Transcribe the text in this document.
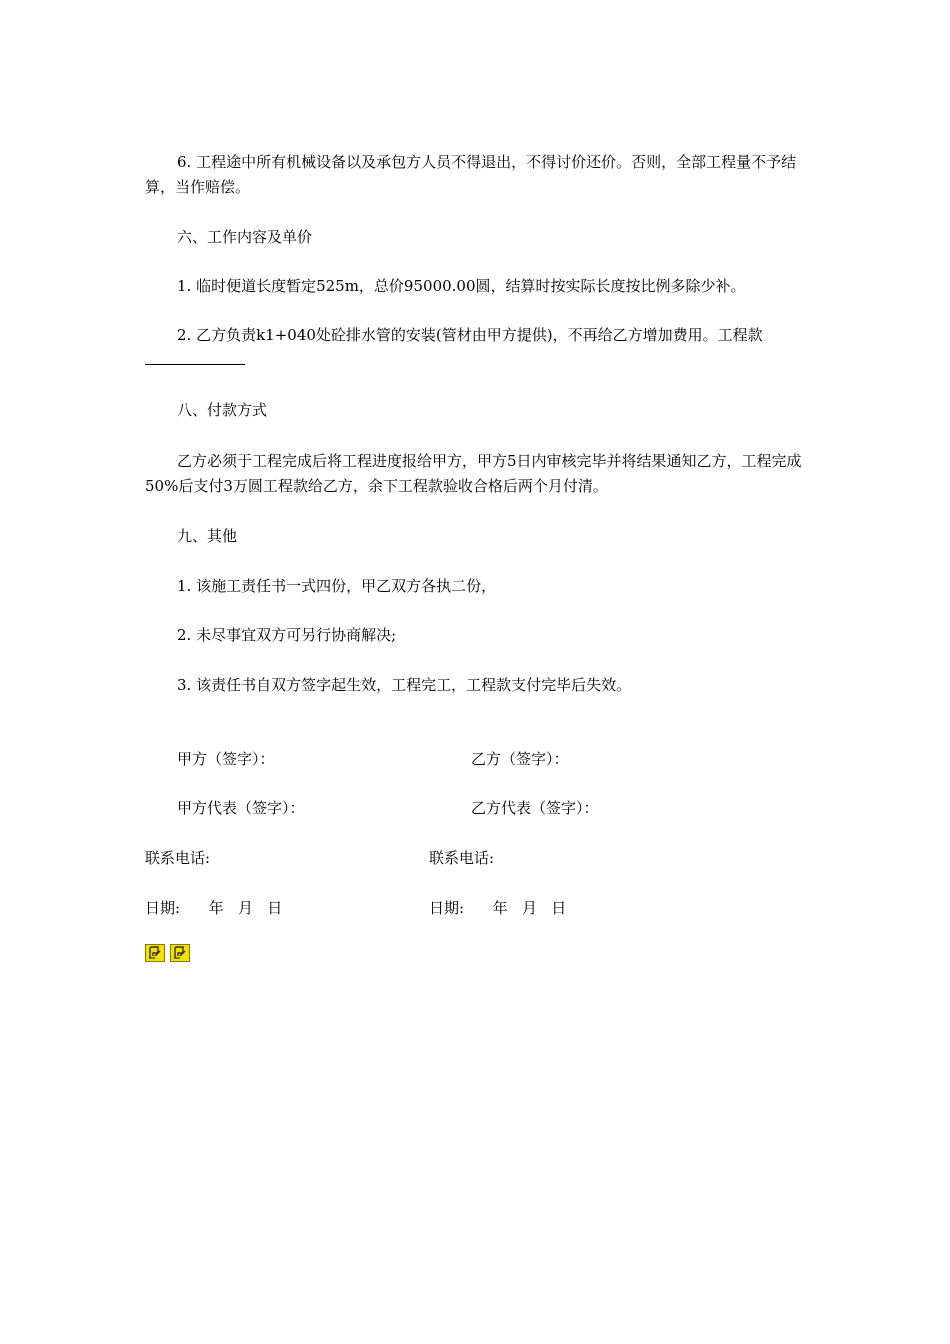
6. 工程途中所有机械设备以及承包方人员不得退出，不得讨价还价。否则，全部工程量不予结算，当作赔偿。

六、工作内容及单价

1. 临时便道长度暂定525m，总价95000.00圆，结算时按实际长度按比例多除少补。

2. 乙方负责k1+040处砼排水管的安装(管材由甲方提供)，不再给乙方增加费用。工程款

八、付款方式

乙方必须于工程完成后将工程进度报给甲方，甲方5日内审核完毕并将结果通知乙方，工程完成50%后支付3万圆工程款给乙方，余下工程款验收合格后两个月付清。

九、其他

1. 该施工责任书一式四份，甲乙双方各执二份，

2. 未尽事宜双方可另行协商解决;

3. 该责任书自双方签字起生效，工程完工，工程款支付完毕后失效。

甲方（签字）：	乙方（签字）：
甲方代表（签字）：	乙方代表（签字）：
联系电话:	联系电话:
日期:      年   月   日	日期:      年   月   日
